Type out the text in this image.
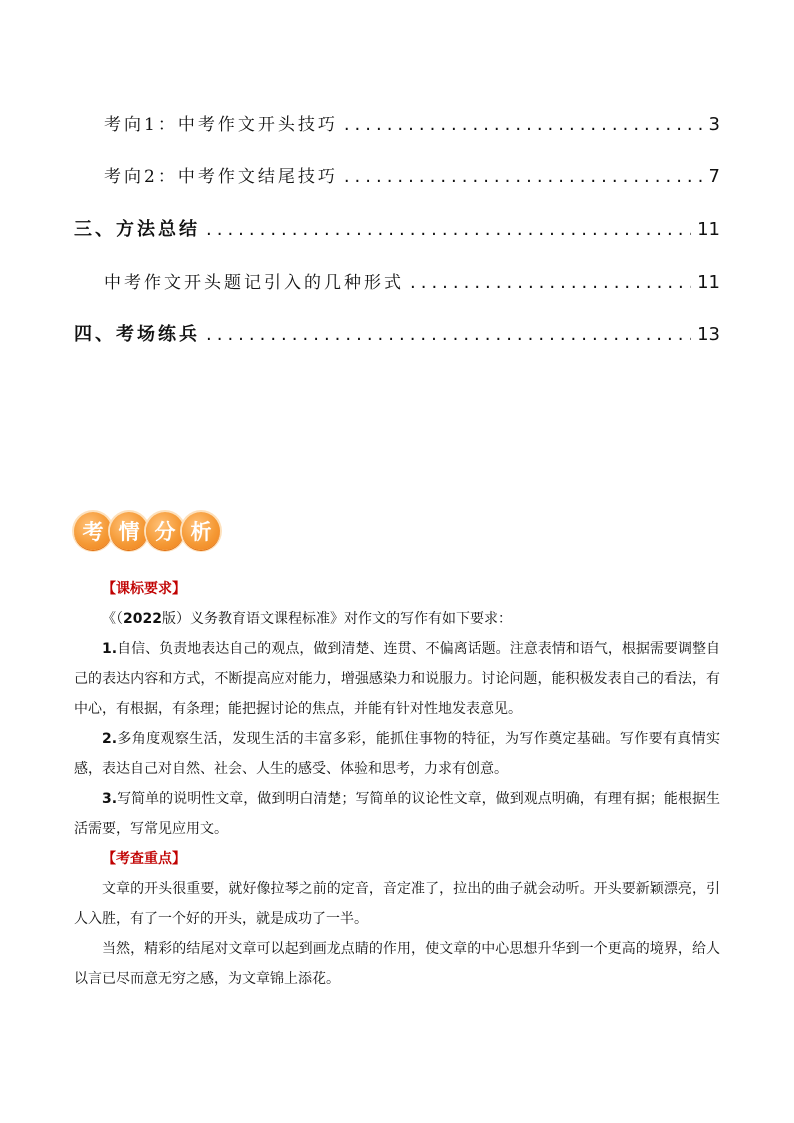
考向1：中考作文开头技巧 .....	3
考向2：中考作文结尾技巧 .....	7
三、方法总结 .....	11
中考作文开头题记引入的几种形式 .....	11
四、考场练兵 .....	13
考 情 分 析
【课标要求】

《（2022版）义务教育语文课程标准》对作文的写作有如下要求：

1.自信、负责地表达自己的观点，做到清楚、连贯、不偏离话题。注意表情和语气，根据需要调整自己的表达内容和方式，不断提高应对能力，增强感染力和说服力。讨论问题，能积极发表自己的看法，有中心，有根据，有条理；能把握讨论的焦点，并能有针对性地发表意见。

2.多角度观察生活，发现生活的丰富多彩，能抓住事物的特征，为写作奠定基础。写作要有真情实感，表达自己对自然、社会、人生的感受、体验和思考，力求有创意。

3.写简单的说明性文章，做到明白清楚；写简单的议论性文章，做到观点明确，有理有据；能根据生活需要，写常见应用文。

【考查重点】

文章的开头很重要，就好像拉琴之前的定音，音定准了，拉出的曲子就会动听。开头要新颖漂亮，引人入胜，有了一个好的开头，就是成功了一半。

当然，精彩的结尾对文章可以起到画龙点睛的作用，使文章的中心思想升华到一个更高的境界，给人以言已尽而意无穷之感，为文章锦上添花。
